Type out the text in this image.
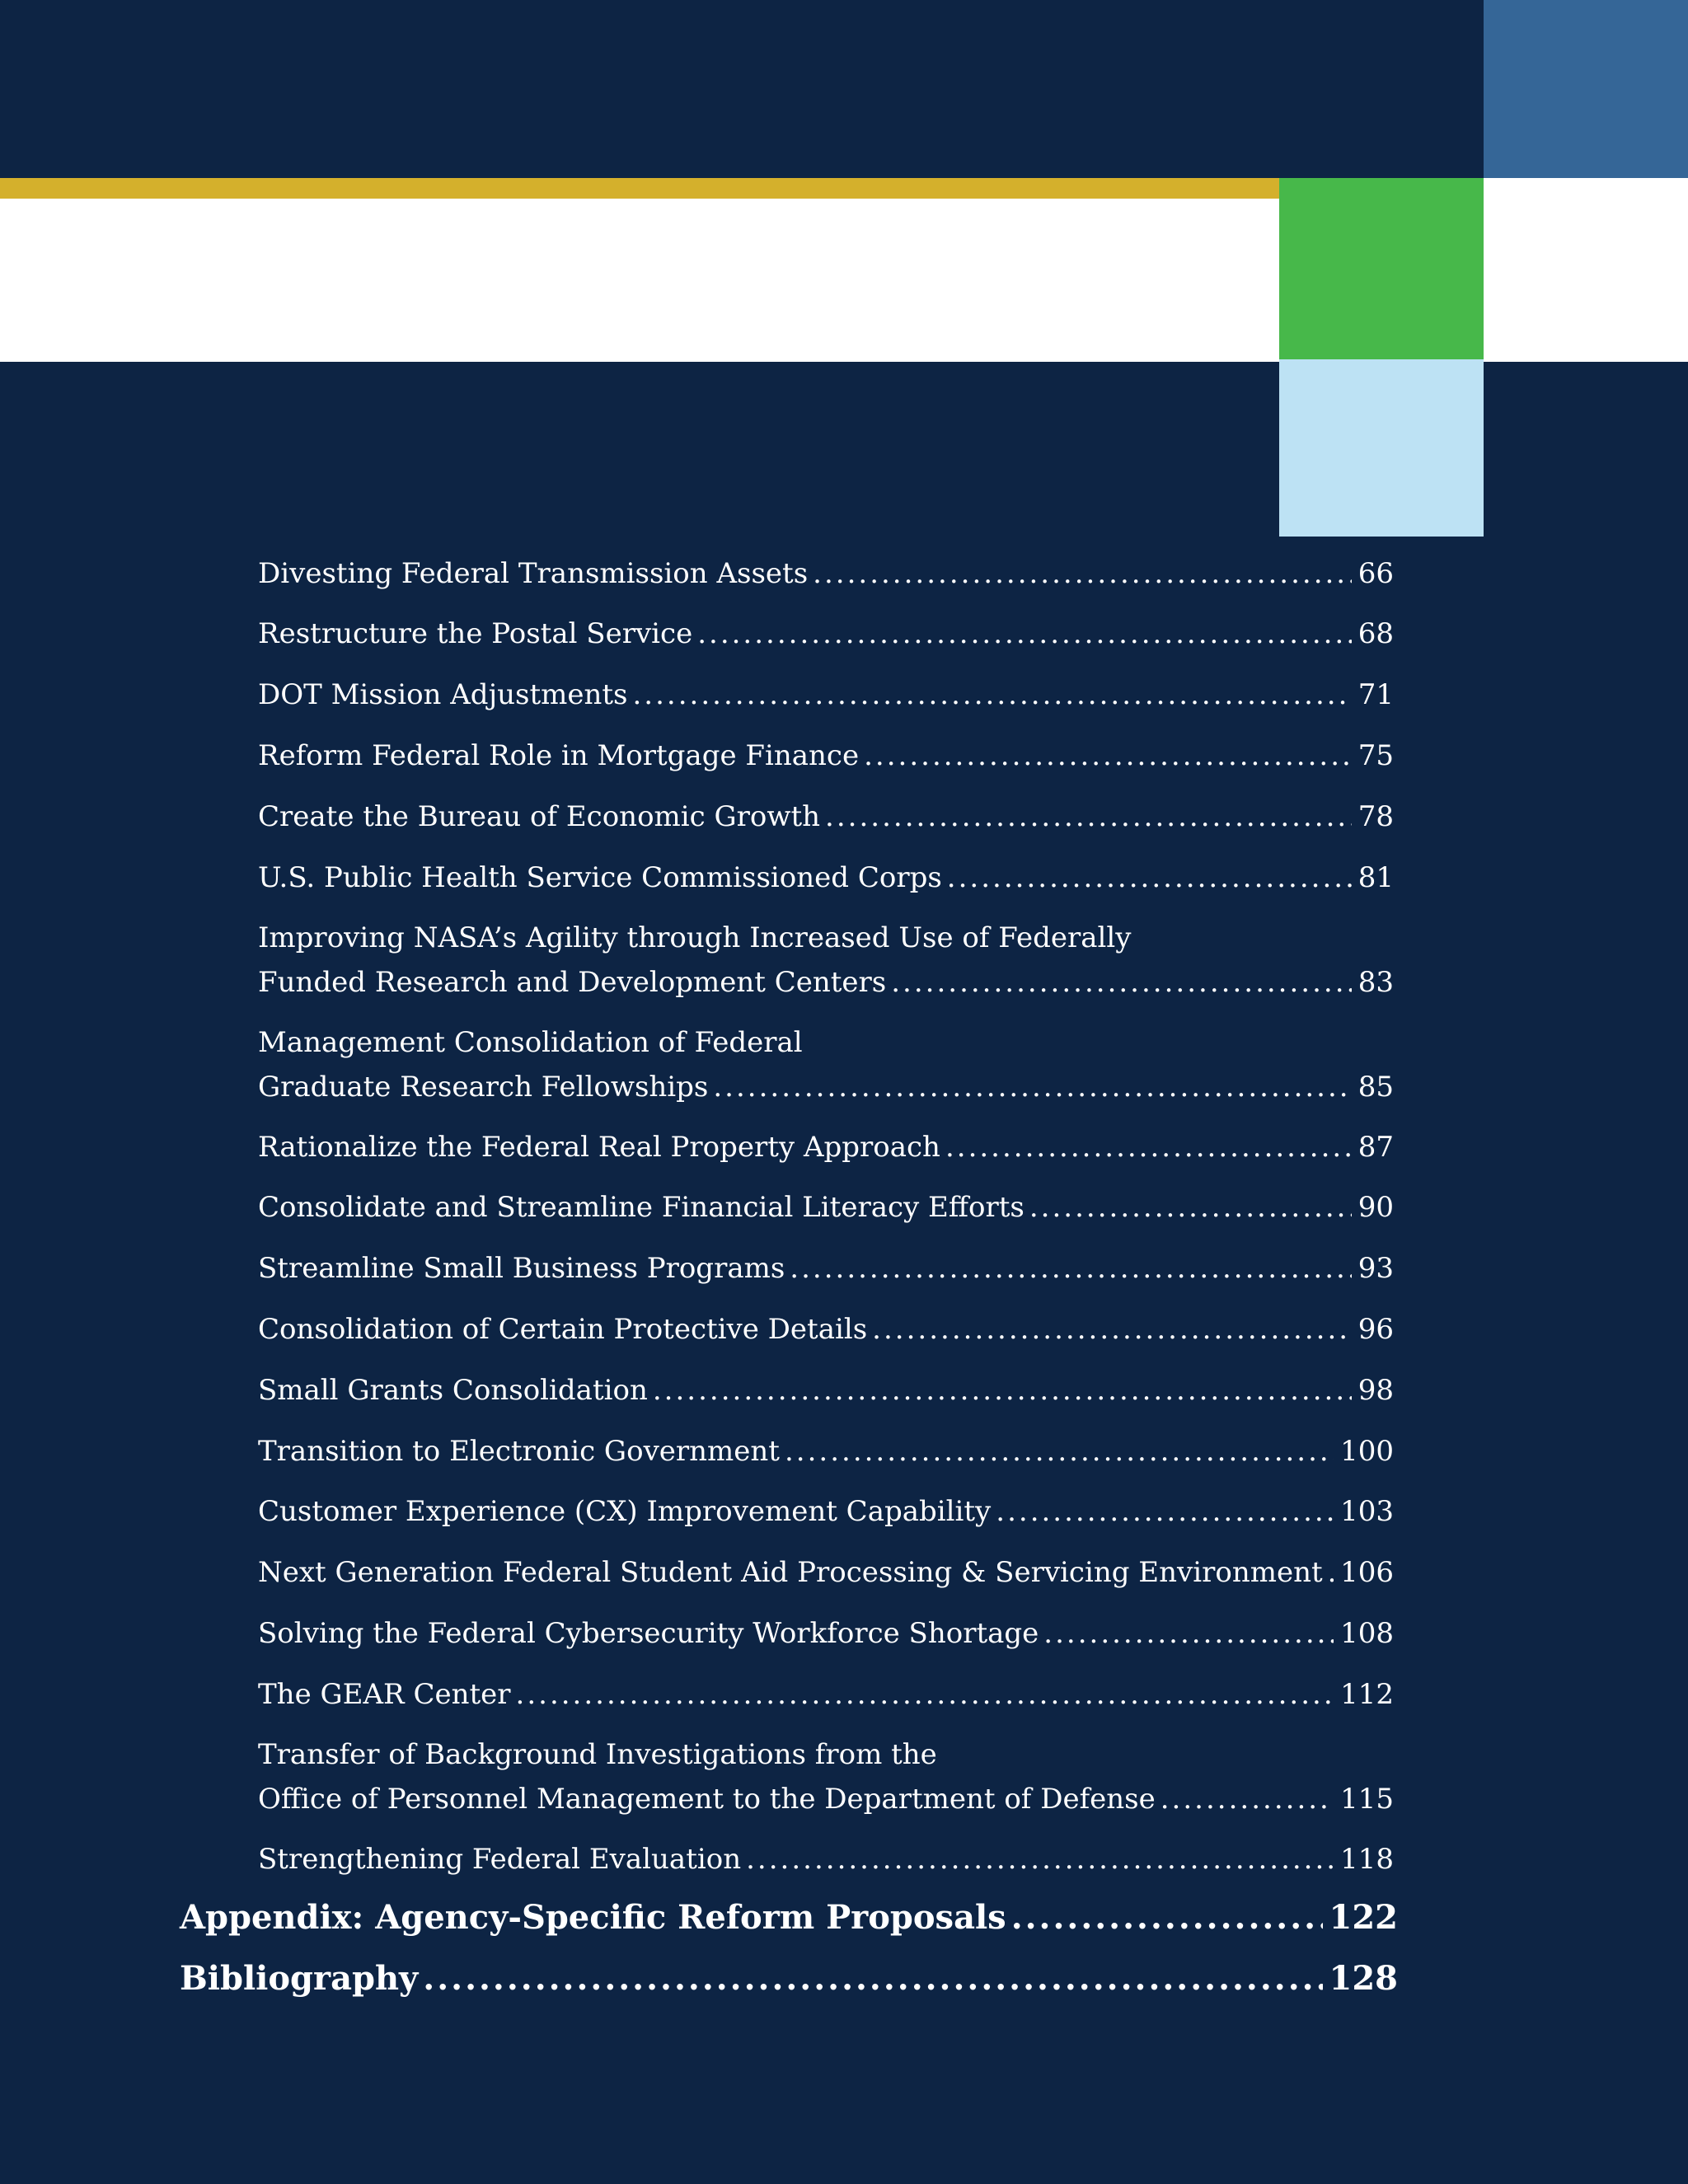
Divesting Federal Transmission Assets .....	66
Restructure the Postal Service .....	68
DOT Mission Adjustments .....	71
Reform Federal Role in Mortgage Finance .....	75
Create the Bureau of Economic Growth .....	78
U.S. Public Health Service Commissioned Corps .....	81
Improving NASA’s Agility through Increased Use of Federally
Funded Research and Development Centers .....	83
Management Consolidation of Federal
Graduate Research Fellowships .....	85
Rationalize the Federal Real Property Approach .....	87
Consolidate and Streamline Financial Literacy Efforts .....	90
Streamline Small Business Programs .....	93
Consolidation of Certain Protective Details .....	96
Small Grants Consolidation .....	98
Transition to Electronic Government .....	100
Customer Experience (CX) Improvement Capability .....	103
Next Generation Federal Student Aid Processing & Servicing Environment ..... 106
Solving the Federal Cybersecurity Workforce Shortage .....	108
The GEAR Center .....	112
Transfer of Background Investigations from the
Office of Personnel Management to the Department of Defense .....	115
Strengthening Federal Evaluation .....	118
Appendix: Agency-Specific Reform Proposals .....	122
Bibliography .....	128
